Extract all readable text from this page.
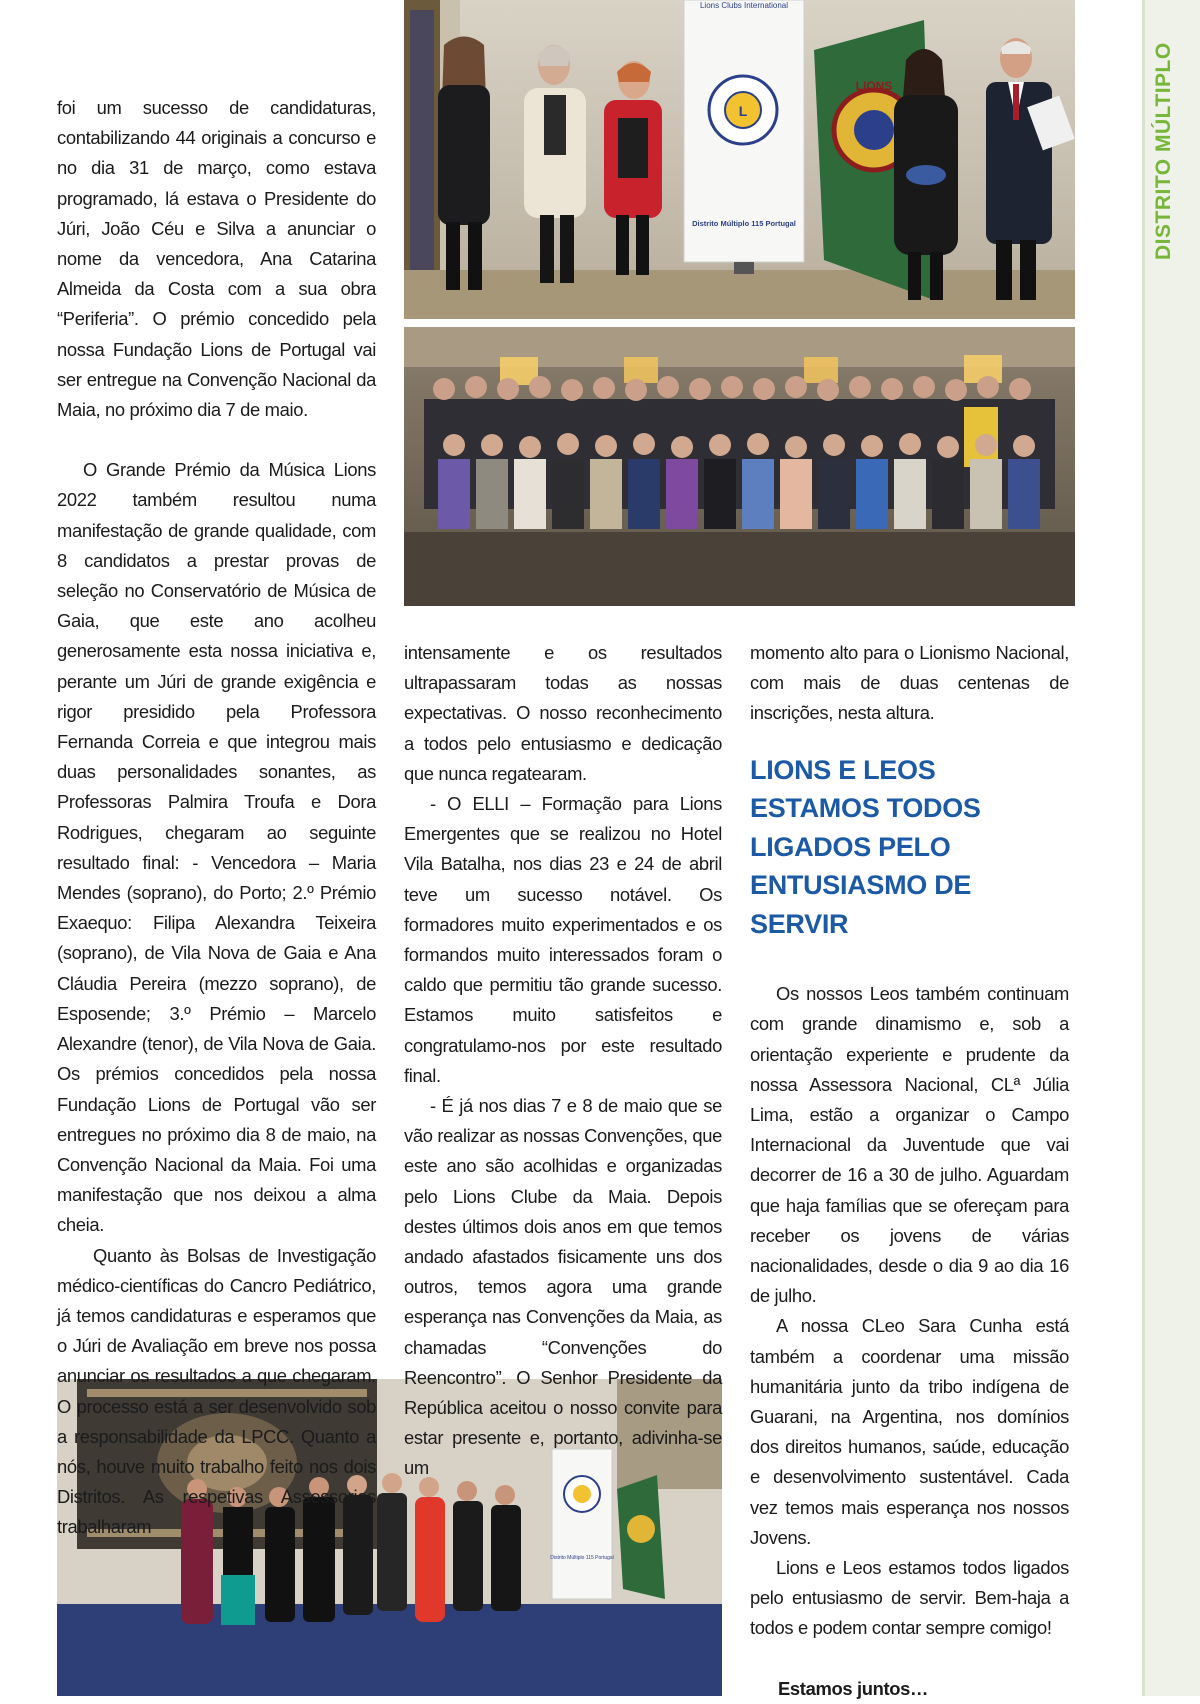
DISTRITO MÚLTIPLO
L
Lions Clubs International
Distrito Múltiplo 115 Portugal
LIONS
Distrito Múltiplo 115 Portugal

foi um sucesso de candidaturas, contabilizando 44 originais a concurso e no dia 31 de março, como estava programado, lá estava o Presidente do Júri, João Céu e Silva a anunciar o nome da vencedora, Ana Catarina Almeida da Costa com a sua obra “Periferia”. O prémio concedido pela nossa Fundação Lions de Portugal vai ser entregue na Convenção Nacional da Maia, no próximo dia 7 de maio.

O Grande Prémio da Música Lions 2022 também resultou numa manifestação de grande qualidade, com 8 candidatos a prestar provas de seleção no Conservatório de Música de Gaia, que este ano acolheu generosamente esta nossa iniciativa e, perante um Júri de grande exigência e rigor presidido pela Professora Fernanda Correia e que integrou mais duas personalidades sonantes, as Professoras Palmira Troufa e Dora Rodrigues, chegaram ao seguinte resultado final: - Vencedora – Maria Mendes (soprano), do Porto; 2.º Prémio Exaequo: Filipa Alexandra Teixeira (soprano), de Vila Nova de Gaia e Ana Cláudia Pereira (mezzo soprano), de Esposende; 3.º Prémio – Marcelo Alexandre (tenor), de Vila Nova de Gaia. Os prémios concedidos pela nossa Fundação Lions de Portugal vão ser entregues no próximo dia 8 de maio, na Convenção Nacional da Maia. Foi uma manifestação que nos deixou a alma cheia.

Quanto às Bolsas de Investigação médico-científicas do Cancro Pediátrico, já temos candidaturas e esperamos que o Júri de Avaliação em breve nos possa anunciar os resultados a que chegaram. O processo está a ser desenvolvido sob a responsabilidade da LPCC. Quanto a nós, houve muito trabalho feito nos dois Distritos. As respetivas Assessorias trabalharam

intensamente e os resultados ultrapassaram todas as nossas expectativas. O nosso reconhecimento a todos pelo entusiasmo e dedicação que nunca regatearam.

- O ELLI – Formação para Lions Emergentes que se realizou no Hotel Vila Batalha, nos dias 23 e 24 de abril teve um sucesso notável. Os formadores muito experimentados e os formandos muito interessados foram o caldo que permitiu tão grande sucesso. Estamos muito satisfeitos e congratulamo-nos por este resultado final.

- É já nos dias 7 e 8 de maio que se vão realizar as nossas Convenções, que este ano são acolhidas e organizadas pelo Lions Clube da Maia. Depois destes últimos dois anos em que temos andado afastados fisicamente uns dos outros, temos agora uma grande esperança nas Convenções da Maia, as chamadas “Convenções do Reencontro”. O Senhor Presidente da República aceitou o nosso convite para estar presente e, portanto, adivinha-se um

momento alto para o Lionismo Nacional, com mais de duas centenas de inscrições, nesta altura.

LIONS E LEOS ESTAMOS TODOS LIGADOS PELO ENTUSIASMO DE SERVIR

Os nossos Leos também continuam com grande dinamismo e, sob a orientação experiente e prudente da nossa Assessora Nacional, CLª Júlia Lima, estão a organizar o Campo Internacional da Juventude que vai decorrer de 16 a 30 de julho. Aguardam que haja famílias que se ofereçam para receber os jovens de várias nacionalidades, desde o dia 9 ao dia 16 de julho.

A nossa CLeo Sara Cunha está também a coordenar uma missão humanitária junto da tribo indígena de Guarani, na Argentina, nos domínios dos direitos humanos, saúde, educação e desenvolvimento sustentável. Cada vez temos mais esperança nos nossos Jovens.

Lions e Leos estamos todos ligados pelo entusiasmo de servir. Bem-haja a todos e podem contar sempre comigo!

Estamos juntos…
